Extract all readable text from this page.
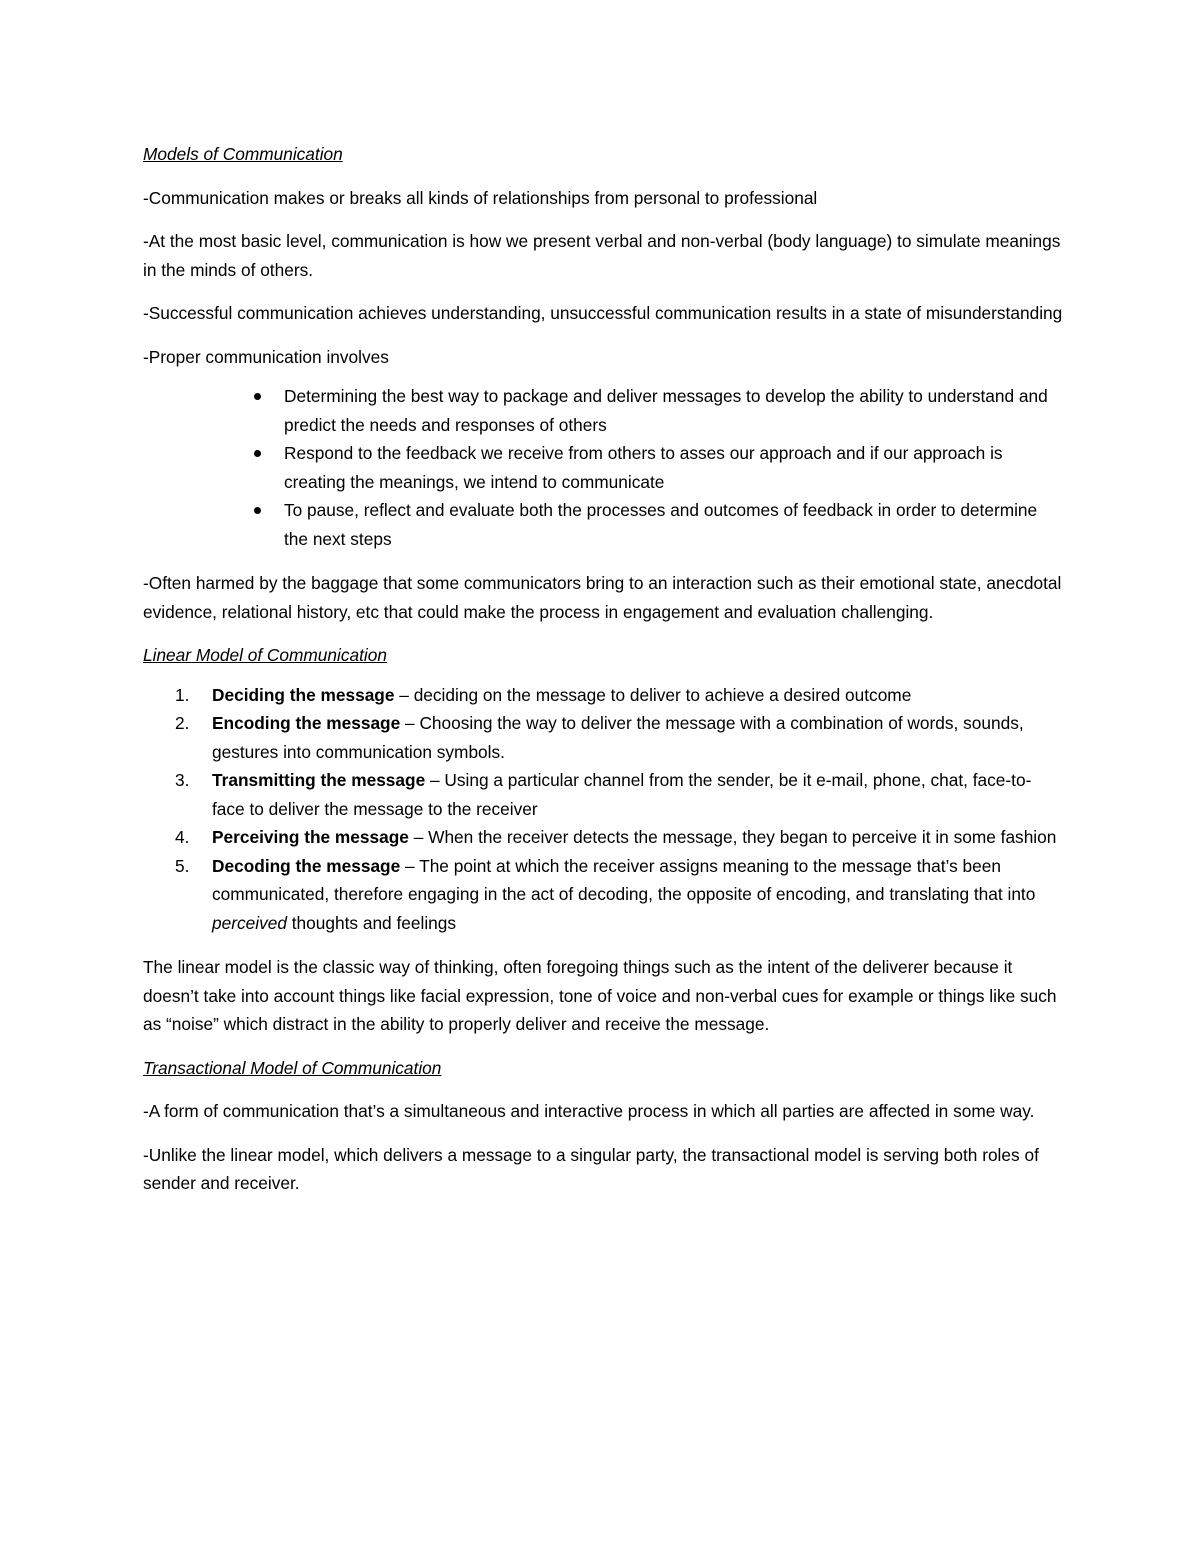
Models of Communication

-Communication makes or breaks all kinds of relationships from personal to professional

-At the most basic level, communication is how we present verbal and non-verbal (body language) to simulate meanings in the minds of others.

-Successful communication achieves understanding, unsuccessful communication results in a state of misunderstanding

-Proper communication involves

Determining the best way to package and deliver messages to develop the ability to understand and predict the needs and responses of others
Respond to the feedback we receive from others to asses our approach and if our approach is creating the meanings, we intend to communicate
To pause, reflect and evaluate both the processes and outcomes of feedback in order to determine the next steps

-Often harmed by the baggage that some communicators bring to an interaction such as their emotional state, anecdotal evidence, relational history, etc that could make the process in engagement and evaluation challenging.

Linear Model of Communication
1. Deciding the message – deciding on the message to deliver to achieve a desired outcome
2. Encoding the message – Choosing the way to deliver the message with a combination of words, sounds, gestures into communication symbols.
3. Transmitting the message – Using a particular channel from the sender, be it e-mail, phone, chat, face-to-face to deliver the message to the receiver
4. Perceiving the message – When the receiver detects the message, they began to perceive it in some fashion
5. Decoding the message – The point at which the receiver assigns meaning to the message that’s been communicated, therefore engaging in the act of decoding, the opposite of encoding, and translating that into perceived thoughts and feelings

The linear model is the classic way of thinking, often foregoing things such as the intent of the deliverer because it doesn’t take into account things like facial expression, tone of voice and non-verbal cues for example or things like such as “noise” which distract in the ability to properly deliver and receive the message.

Transactional Model of Communication

-A form of communication that’s a simultaneous and interactive process in which all parties are affected in some way.

-Unlike the linear model, which delivers a message to a singular party, the transactional model is serving both roles of sender and receiver.
